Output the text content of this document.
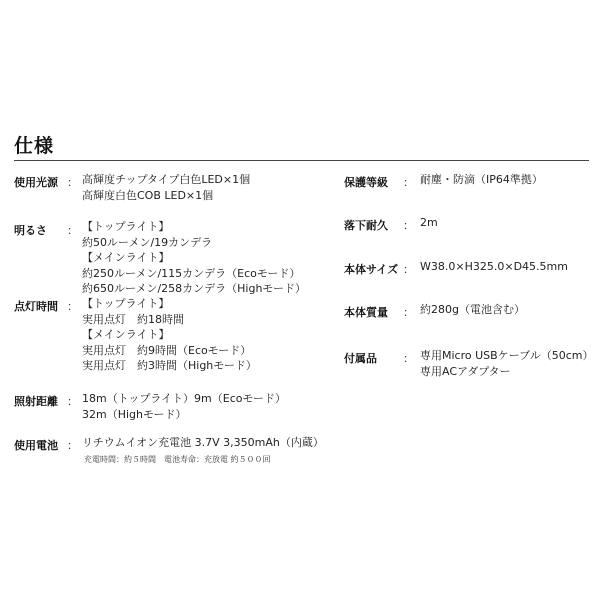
仕様
使用光源 ： 高輝度チップタイプ白色LED×1個
高輝度白色COB LED×1個
明るさ ： 【トップライト】
約50ルーメン/19カンデラ
【メインライト】
約250ルーメン/115カンデラ（Ecoモード）
約650ルーメン/258カンデラ（Highモード）
点灯時間 ： 【トップライト】
実用点灯　約18時間
【メインライト】
実用点灯　約9時間（Ecoモード）
実用点灯　約3時間（Highモード）
照射距離 ： 18m（トップライト）9m（Ecoモード）
32m（Highモード）
使用電池 ： リチウムイオン充電池 3.7V 3,350mAh（内蔵）
充電時間：約５時間　電池寿命：充放電 約５００回
保護等級 ： 耐塵・防滴（IP64準拠）
落下耐久 ： 2m
本体サイズ ： W38.0×H325.0×D45.5mm
本体質量 ： 約280g（電池含む）
付属品 ： 専用Micro USBケーブル（50cm）
専用ACアダプター
